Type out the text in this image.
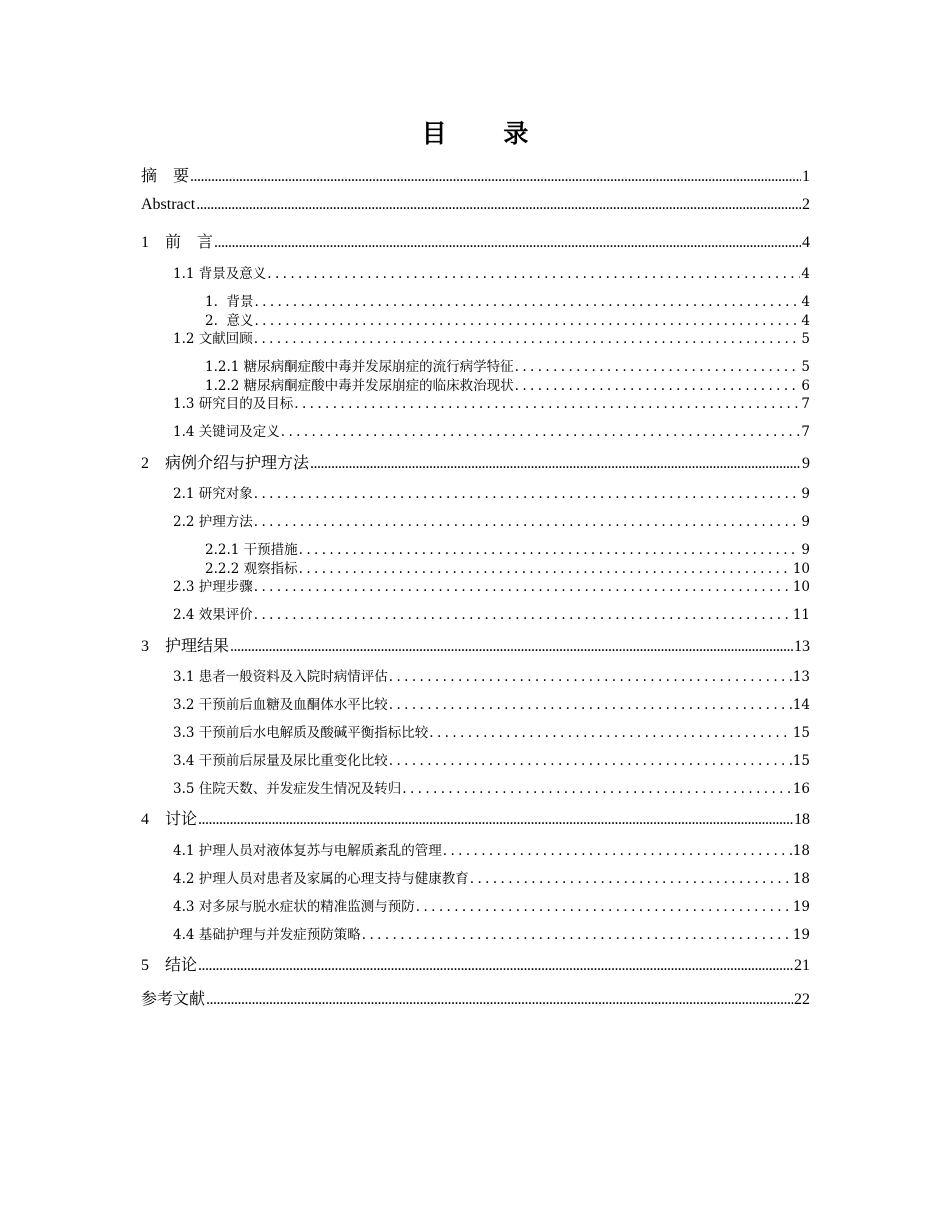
目 录
摘    要 .....	1
Abstract .....	2
1    前    言 .....	4
1.1 背景及意义 .....	4
1.  背景 .....	4
2.  意义 .....	4
1.2 文献回顾 .....	5
1.2.1 糖尿病酮症酸中毒并发尿崩症的流行病学特征 .....	5
1.2.2 糖尿病酮症酸中毒并发尿崩症的临床救治现状 .....	6
1.3 研究目的及目标 .....	7
1.4 关键词及定义 .....	7
2    病例介绍与护理方法 .....	9
2.1 研究对象 .....	9
2.2 护理方法 .....	9
2.2.1 干预措施 .....	9
2.2.2 观察指标 .....	10
2.3 护理步骤 .....	10
2.4 效果评价 .....	11
3    护理结果 .....	13
3.1 患者一般资料及入院时病情评估 .....	13
3.2 干预前后血糖及血酮体水平比较 .....	14
3.3 干预前后水电解质及酸碱平衡指标比较 .....	15
3.4 干预前后尿量及尿比重变化比较 .....	15
3.5 住院天数、并发症发生情况及转归 .....	16
4    讨论 .....	18
4.1 护理人员对液体复苏与电解质紊乱的管理 .....	18
4.2 护理人员对患者及家属的心理支持与健康教育 .....	18
4.3 对多尿与脱水症状的精准监测与预防 .....	19
4.4 基础护理与并发症预防策略 .....	19
5    结论 .....	21
参考文献 .....	22
